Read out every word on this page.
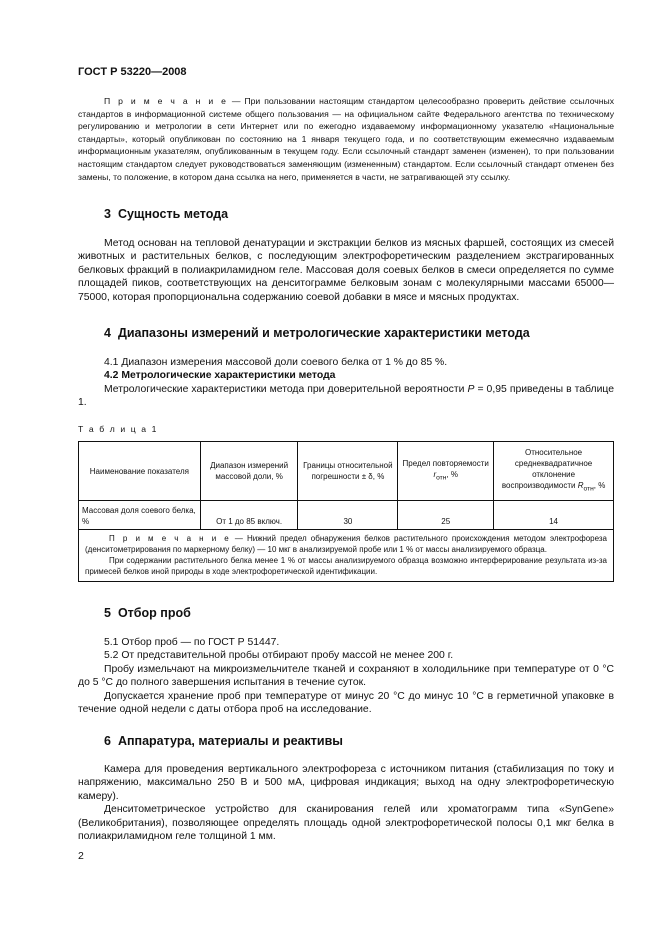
ГОСТ Р 53220—2008

П р и м е ч а н и е — При пользовании настоящим стандартом целесообразно проверить действие ссылочных стандартов в информационной системе общего пользования — на официальном сайте Федерального агентства по техническому регулированию и метрологии в сети Интернет или по ежегодно издаваемому информационному указателю «Национальные стандарты», который опубликован по состоянию на 1 января текущего года, и по соответствующим ежемесячно издаваемым информационным указателям, опубликованным в текущем году. Если ссылочный стандарт заменен (изменен), то при пользовании настоящим стандартом следует руководствоваться заменяющим (измененным) стандартом. Если ссылочный стандарт отменен без замены, то положение, в котором дана ссылка на него, применяется в части, не затрагивающей эту ссылку.

3 Сущность метода

Метод основан на тепловой денатурации и экстракции белков из мясных фаршей, состоящих из смесей животных и растительных белков, с последующим электрофоретическим разделением экстрагированных белковых фракций в полиакриламидном геле. Массовая доля соевых белков в смеси определяется по сумме площадей пиков, соответствующих на денситограмме белковым зонам с молекулярными массами 65000—75000, которая пропорциональна содержанию соевой добавки в мясе и мясных продуктах.

4 Диапазоны измерений и метрологические характеристики метода

4.1 Диапазон измерения массовой доли соевого белка от 1 % до 85 %.

4.2 Метрологические характеристики метода

Метрологические характеристики метода при доверительной вероятности P = 0,95 приведены в таблице 1.

Т а б л и ц а 1
Наименование показателя	Диапазон измерений массовой доли, %	Границы относительной погрешности ± δ, %	Предел повторяемости
$r_{отн}$, %	Относительное среднеквадратичное отклонение воспроизводимости $R_{отн}$, %
Массовая доля соевого белка, %	От 1 до 85 включ.	30	25	14

П р и м е ч а н и е — Нижний предел обнаружения белков растительного происхождения методом электрофореза (денситометрирования по маркерному белку) — 10 мкг в анализируемой пробе или 1 % от массы анализируемого образца.

При содержании растительного белка менее 1 % от массы анализируемого образца возможно интерферирование результата из-за примесей белков иной природы в ходе электрофоретической идентификации.				

5 Отбор проб

5.1 Отбор проб — по ГОСТ Р 51447.

5.2 От представительной пробы отбирают пробу массой не менее 200 г.

Пробу измельчают на микроизмельчителе тканей и сохраняют в холодильнике при температуре от 0 °С до 5 °С до полного завершения испытания в течение суток.

Допускается хранение проб при температуре от минус 20 °С до минус 10 °С в герметичной упаковке в течение одной недели с даты отбора проб на исследование.

6 Аппаратура, материалы и реактивы

Камера для проведения вертикального электрофореза с источником питания (стабилизация по току и напряжению, максимально 250 В и 500 мА, цифровая индикация; выход на одну электрофоретическую камеру).

Денситометрическое устройство для сканирования гелей или хроматограмм типа «SynGene» (Великобритания), позволяющее определять площадь одной электрофоретической полосы 0,1 мкг белка в полиакриламидном геле толщиной 1 мм.

2
